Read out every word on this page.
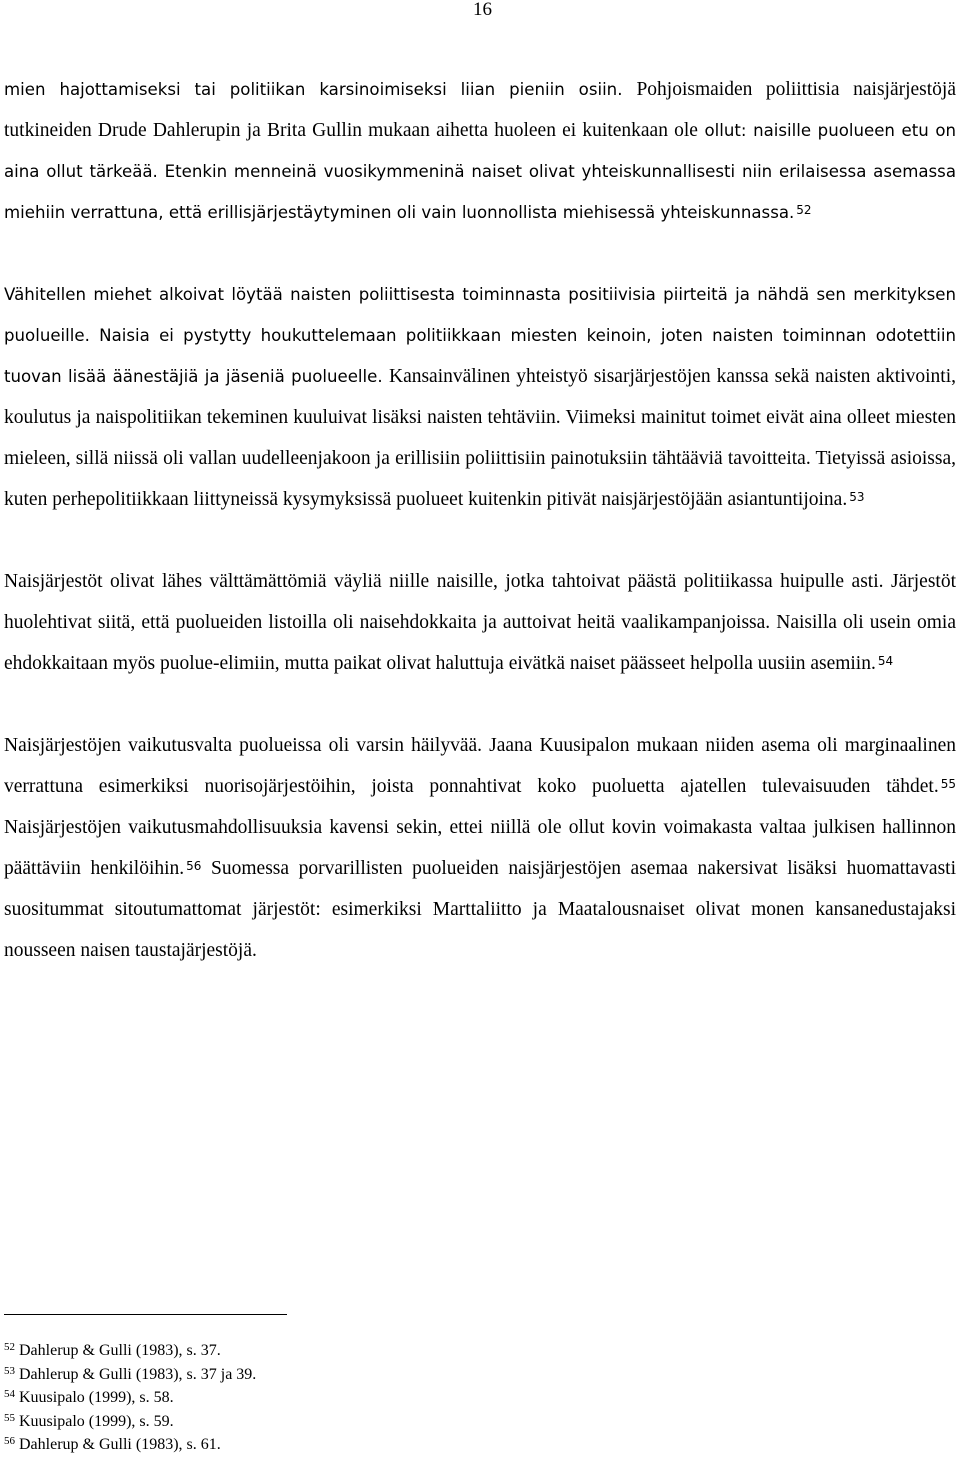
16

mien hajottamiseksi tai politiikan karsinoimiseksi liian pieniin osiin. Pohjoismaiden poliittisia naisjärjestöjä tutkineiden Drude Dahlerupin ja Brita Gullin mukaan aihetta huoleen ei kuitenkaan ole ollut: naisille puolueen etu on aina ollut tärkeää. Etenkin menneinä vuosikymmeninä naiset olivat yhteiskunnallisesti niin erilaisessa asemassa miehiin verrattuna, että erillisjärjestäytyminen oli vain luonnollista miehisessä yhteiskunnassa. $^{52}$

Vähitellen miehet alkoivat löytää naisten poliittisesta toiminnasta positiivisia piirteitä ja nähdä sen merkityksen puolueille. Naisia ei pystytty houkuttelemaan politiikkaan miesten keinoin, joten naisten toiminnan odotettiin tuovan lisää äänestäjiä ja jäseniä puolueelle. Kansainvälinen yhteistyö sisarjärjestöjen kanssa sekä naisten aktivointi, koulutus ja naispolitiikan tekeminen kuuluivat lisäksi naisten tehtäviin. Viimeksi mainitut toimet eivät aina olleet miesten mieleen, sillä niissä oli vallan uudelleenjakoon ja erillisiin poliittisiin painotuksiin tähtääviä tavoitteita. Tietyissä asioissa, kuten perhepolitiikkaan liittyneissä kysymyksissä puolueet kuitenkin pitivät naisjärjestöjään asiantuntijoina. $^{53}$

Naisjärjestöt olivat lähes välttämättömiä väyliä niille naisille, jotka tahtoivat päästä politiikassa huipulle asti. Järjestöt huolehtivat siitä, että puolueiden listoilla oli naisehdokkaita ja auttoivat heitä vaalikampanjoissa. Naisilla oli usein omia ehdokkaitaan myös puolue-elimiin, mutta paikat olivat haluttuja eivätkä naiset päässeet helpolla uusiin asemiin. $^{54}$

Naisjärjestöjen vaikutusvalta puolueissa oli varsin häilyvää. Jaana Kuusipalon mukaan niiden asema oli marginaalinen verrattuna esimerkiksi nuorisojärjestöihin, joista ponnahtivat koko puoluetta ajatellen tulevaisuuden tähdet. $^{55}$ Naisjärjestöjen vaikutusmahdollisuuksia kavensi sekin, ettei niillä ole ollut kovin voimakasta valtaa julkisen hallinnon päättäviin henkilöihin. $^{56}$ Suomessa porvarillisten puolueiden naisjärjestöjen asemaa nakersivat lisäksi huomattavasti suositummat sitoutumattomat järjestöt: esimerkiksi Marttaliitto ja Maatalousnaiset olivat monen kansanedustajaksi nousseen naisen taustajärjestöjä.

$^{52}$ Dahlerup & Gulli (1983), s. 37.
$^{53}$ Dahlerup & Gulli (1983), s. 37 ja 39.
$^{54}$ Kuusipalo (1999), s. 58.
$^{55}$ Kuusipalo (1999), s. 59.
$^{56}$ Dahlerup & Gulli (1983), s. 61.
